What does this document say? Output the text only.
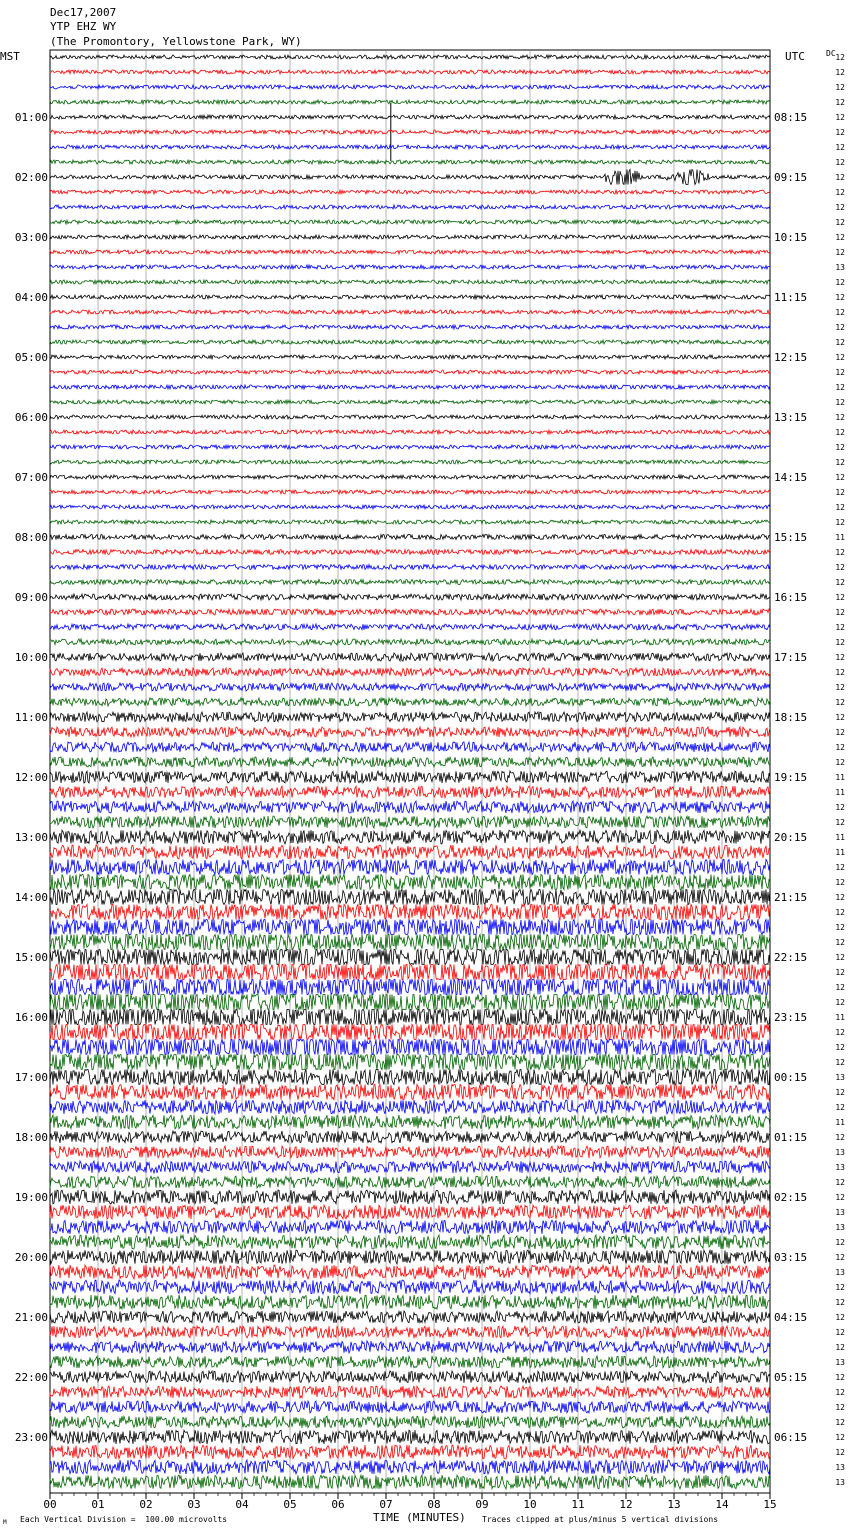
Dec17,2007
YTP EHZ WY
(The Promontory, Yellowstone Park, WY)
MST	UTC	DC
00	01	02	03	04	05	06	07	08	09	10	11	12	13	14	15
12
12
12
12
12
12
12
12
12
12
12
12
12
12
13
12
12
12
12
12
12
12
12
12
12
12
12
12
12
12
12
12
11
12
12
12
12
12
12
12
12
12
12
12
12
12
12
12
11
11
12
12
11
11
12
12
12
12
12
12
12
12
12
12
11
12
12
12
13
12
12
11
12
13
13
12
12
13
13
12
12
13
12
12
12
12
12
13
12
12
12
12
12
12
13
13
01:00
02:00
03:00
04:00
05:00
06:00
07:00
08:00
09:00
10:00
11:00
12:00
13:00
14:00
15:00
16:00
17:00
18:00
19:00
20:00
21:00
22:00
23:00
08:15
09:15
10:15
11:15
12:15
13:15
14:15
15:15
16:15
17:15
18:15
19:15
20:15
21:15
22:15
23:15
00:15
01:15
02:15
03:15
04:15
05:15
06:15
TIME (MINUTES)
Each Vertical Division =  100.00 microvolts	Traces clipped at plus/minus 5 vertical divisions
M
